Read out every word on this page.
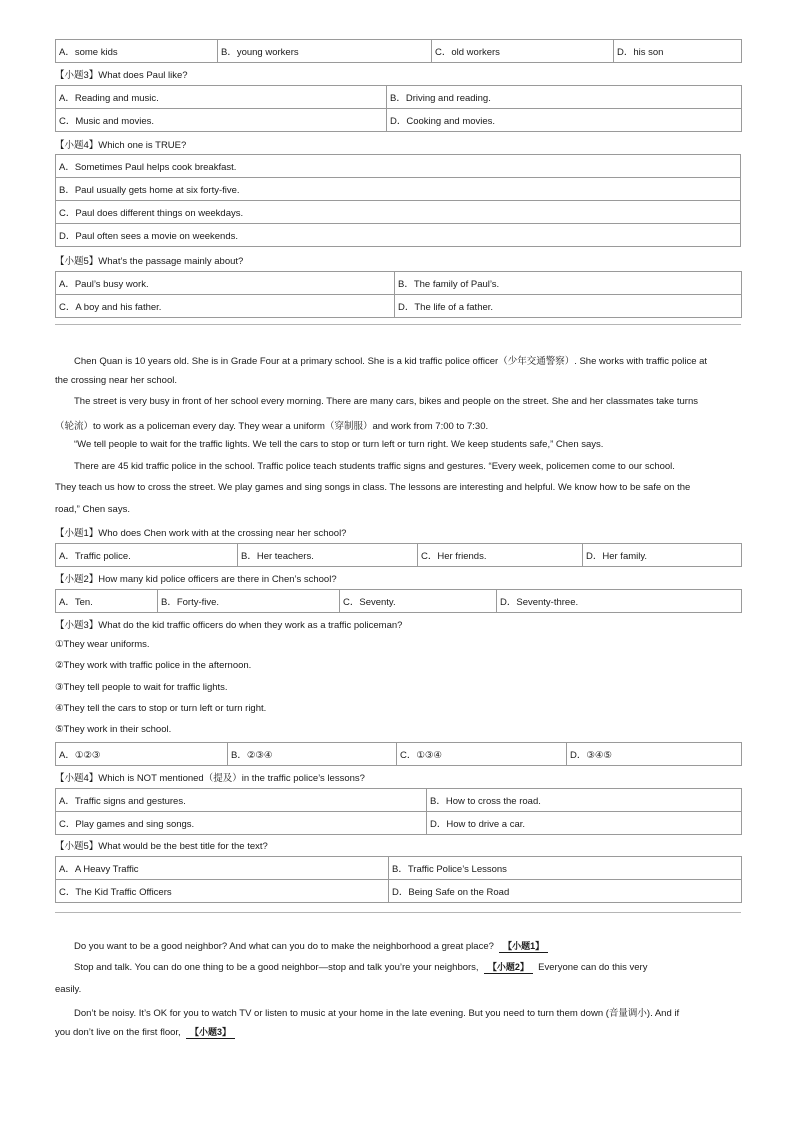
A．some kids	B．young workers	C．old workers	D．his son
【小题3】What does Paul like?
A．Reading and music.	B．Driving and reading.
C．Music and movies.	D．Cooking and movies.
【小题4】Which one is TRUE?
A．Sometimes Paul helps cook breakfast.
B．Paul usually gets home at six forty-five.
C．Paul does different things on weekdays.
D．Paul often sees a movie on weekends.
【小题5】What’s the passage mainly about?
A．Paul’s busy work.	B．The family of Paul’s.
C．A boy and his father.	D．The life of a father.
Chen Quan is 10 years old. She is in Grade Four at a primary school. She is a kid traffic police officer（少年交通警察）. She works with traffic police at
the crossing near her school.
The street is very busy in front of her school every morning. There are many cars, bikes and people on the street. She and her classmates take turns
（轮流）to work as a policeman every day. They wear a uniform（穿制服）and work from 7:00 to 7:30.
“We tell people to wait for the traffic lights. We tell the cars to stop or turn left or turn right. We keep students safe,” Chen says.
There are 45 kid traffic police in the school. Traffic police teach students traffic signs and gestures. “Every week, policemen come to our school.
They teach us how to cross the street. We play games and sing songs in class. The lessons are interesting and helpful. We know how to be safe on the
road,” Chen says.
【小题1】Who does Chen work with at the crossing near her school?
A．Traffic police.	B．Her teachers.	C．Her friends.	D．Her family.
【小题2】How many kid police officers are there in Chen’s school?
A．Ten.	B．Forty-five.	C．Seventy.	D．Seventy-three.
【小题3】What do the kid traffic officers do when they work as a traffic policeman?
①They wear uniforms.
②They work with traffic police in the afternoon.
③They tell people to wait for traffic lights.
④They tell the cars to stop or turn left or turn right.
⑤They work in their school.
A．①②③	B．②③④	C．①③④	D．③④⑤
【小题4】Which is NOT mentioned（提及）in the traffic police’s lessons?
A．Traffic signs and gestures.	B．How to cross the road.
C．Play games and sing songs.	D．How to drive a car.
【小题5】What would be the best title for the text?
A．A Heavy Traffic	B．Traffic Police’s Lessons
C．The Kid Traffic Officers	D．Being Safe on the Road
Do you want to be a good neighbor? And what can you do to make the neighborhood a great place? 【小题1】
Stop and talk. You can do one thing to be a good neighbor—stop and talk you’re your neighbors, 【小题2】 Everyone can do this very
easily.
Don’t be noisy. It’s OK for you to watch TV or listen to music at your home in the late evening. But you need to turn them down (音量调小). And if
you don’t live on the first floor, 【小题3】
